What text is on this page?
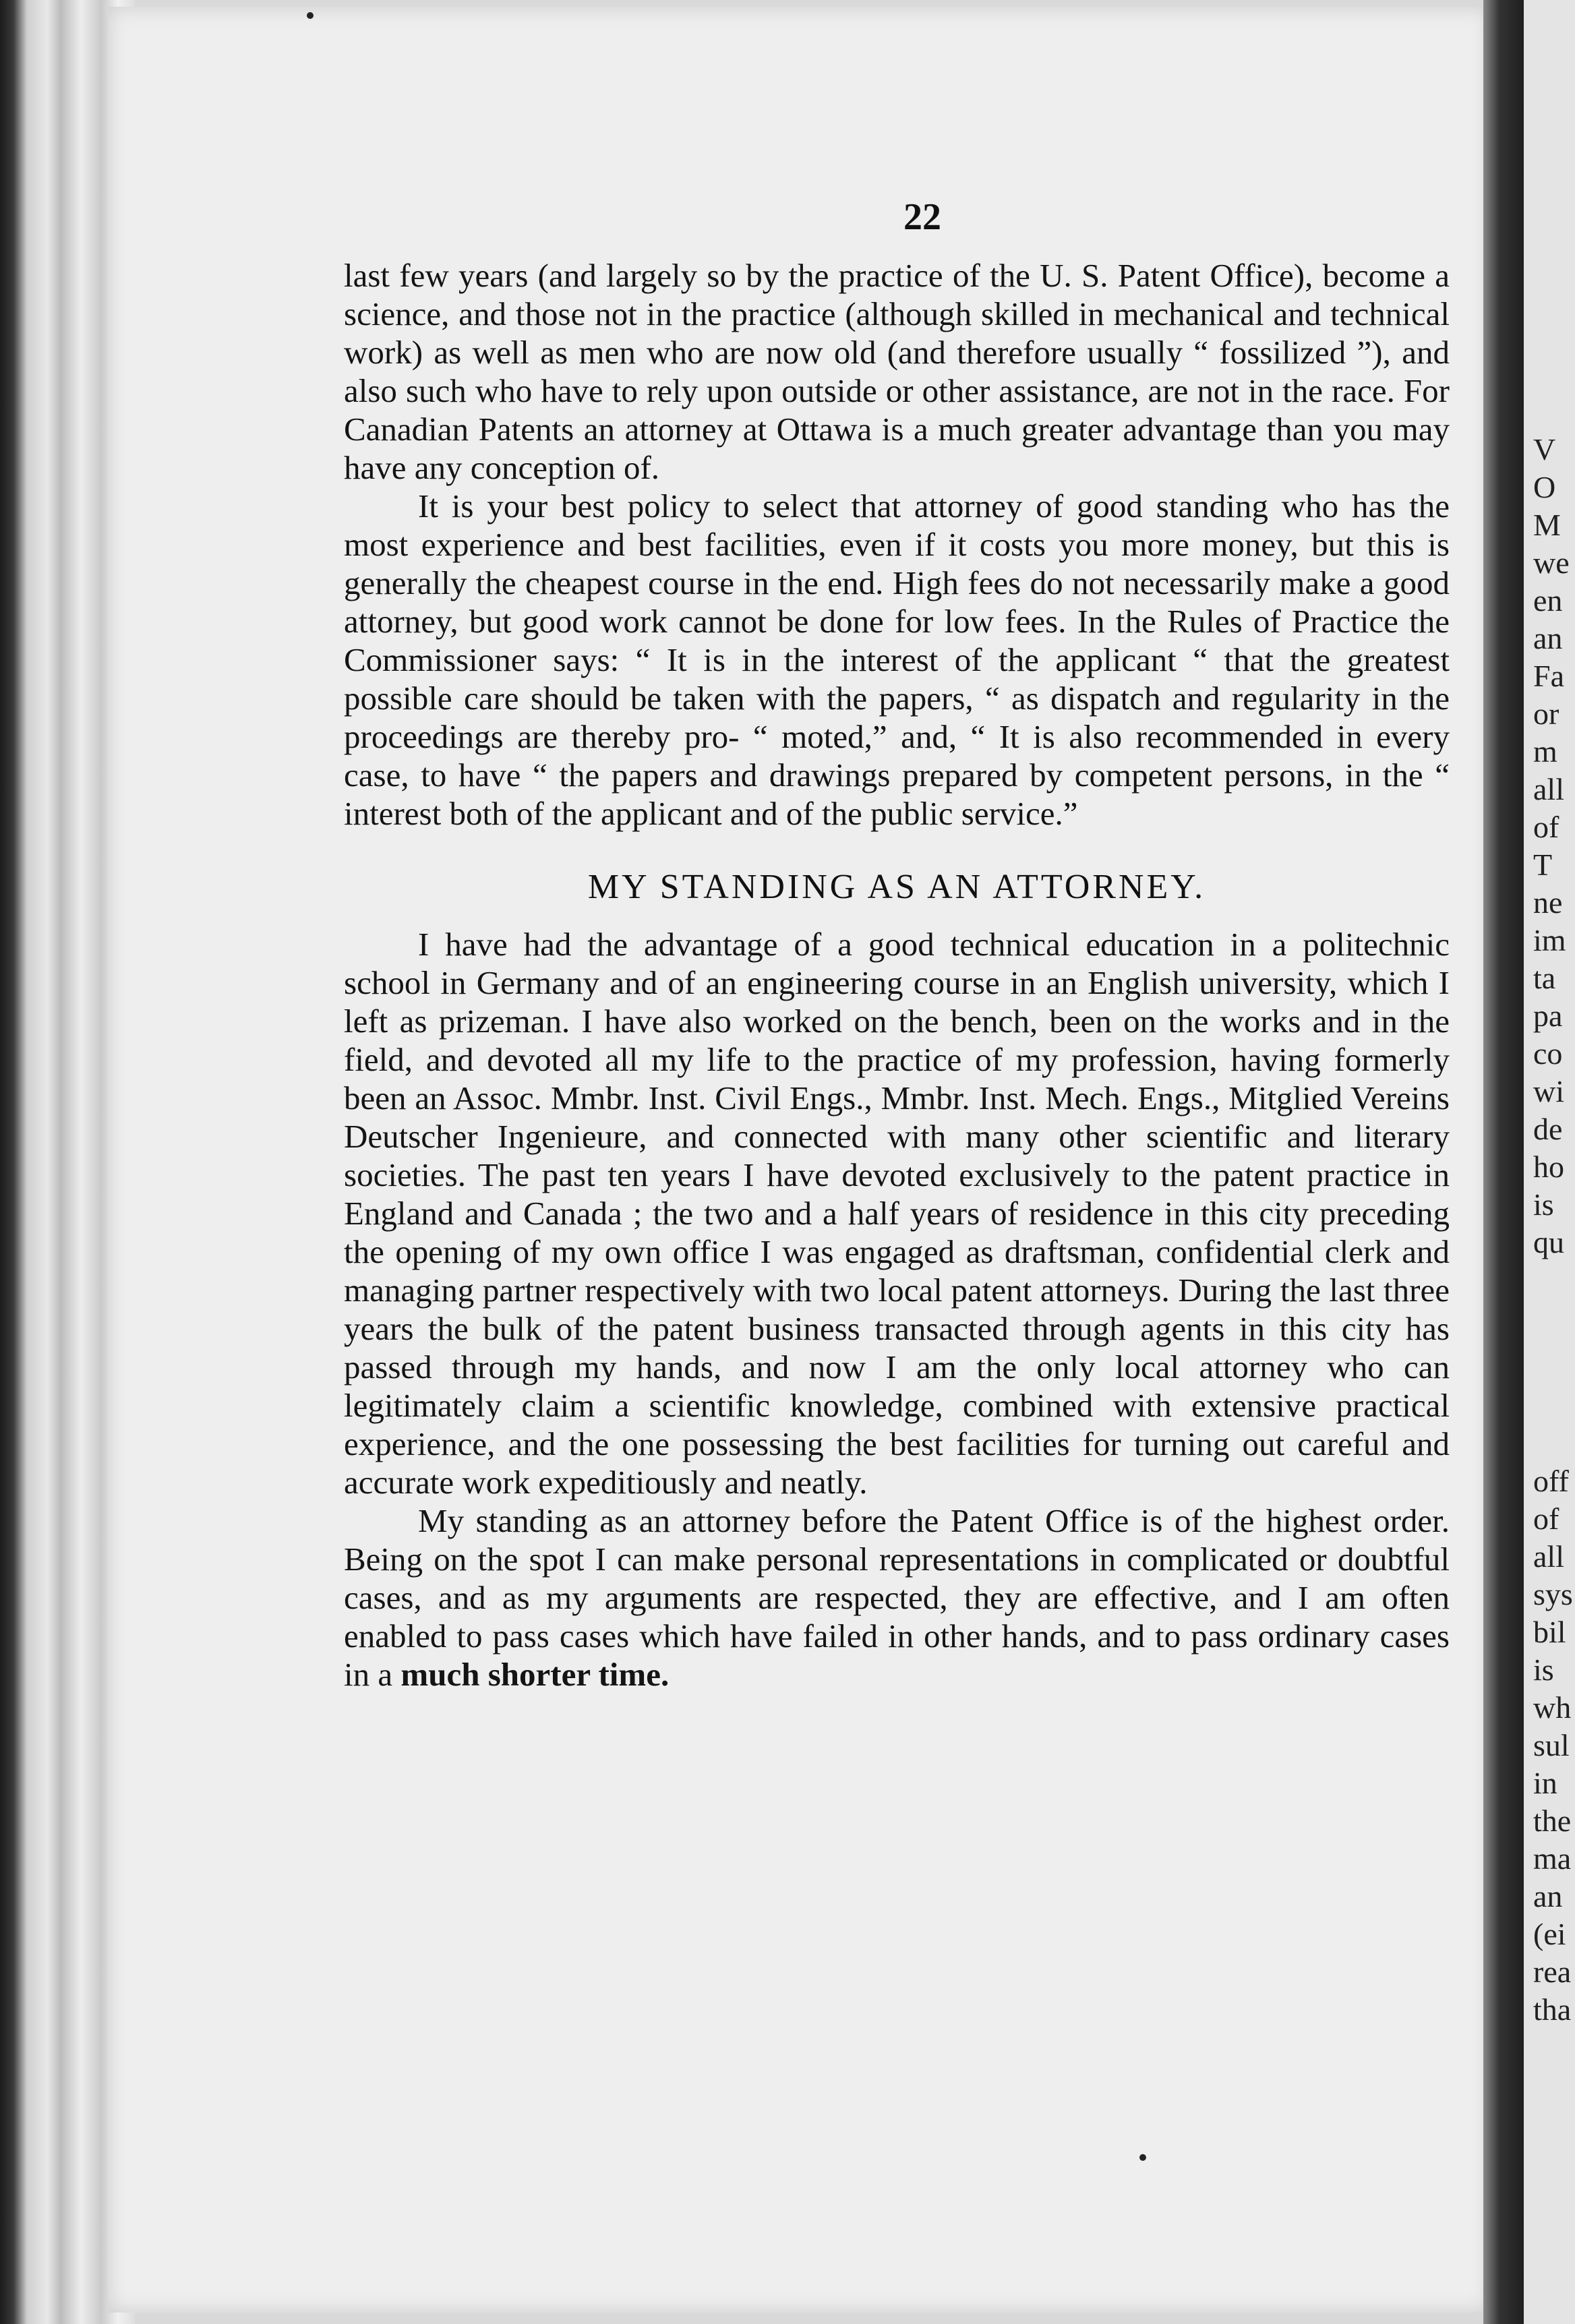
V
O
M
we
en
an
Fa
or
m
all
of
T
ne
im
ta
pa
co
wi
de
ho
is
qu
off
of
all
sys
bil
is
wh
sul
in
the
ma
an
(ei
rea
tha
22

last few years (and largely so by the practice of the U. S. Patent Office), become a science, and those not in the practice (although skilled in mechanical and technical work) as well as men who are now old (and therefore usually “ fossilized ”), and also such who have to rely upon outside or other assistance, are not in the race. For Canadian Patents an attorney at Ottawa is a much greater advantage than you may have any conception of.

It is your best policy to select that attorney of good standing who has the most experience and best facilities, even if it costs you more money, but this is generally the cheapest course in the end. High fees do not necessarily make a good attorney, but good work cannot be done for low fees. In the Rules of Practice the Commissioner says: “ It is in the interest of the applicant “ that the greatest possible care should be taken with the papers, “ as dispatch and regularity in the proceedings are thereby pro- “ moted,” and, “ It is also recommended in every case, to have “ the papers and drawings prepared by competent persons, in the “ interest both of the applicant and of the public service.”

MY STANDING AS AN ATTORNEY.

I have had the advantage of a good technical education in a politechnic school in Germany and of an engineering course in an English university, which I left as prizeman. I have also worked on the bench, been on the works and in the field, and devoted all my life to the practice of my profession, having formerly been an Assoc. Mmbr. Inst. Civil Engs., Mmbr. Inst. Mech. Engs., Mitglied Vereins Deutscher Ingenieure, and connected with many other scientific and literary societies. The past ten years I have devoted exclusively to the patent practice in England and Canada ; the two and a half years of residence in this city preceding the opening of my own office I was engaged as draftsman, confidential clerk and managing partner respectively with two local patent attorneys. During the last three years the bulk of the patent business transacted through agents in this city has passed through my hands, and now I am the only local attorney who can legitimately claim a scientific knowledge, combined with extensive practical experience, and the one possessing the best facilities for turning out careful and accurate work expeditiously and neatly.

My standing as an attorney before the Patent Office is of the highest order. Being on the spot I can make personal representations in complicated or doubtful cases, and as my arguments are respected, they are effective, and I am often enabled to pass cases which have failed in other hands, and to pass ordinary cases in a much shorter time.
